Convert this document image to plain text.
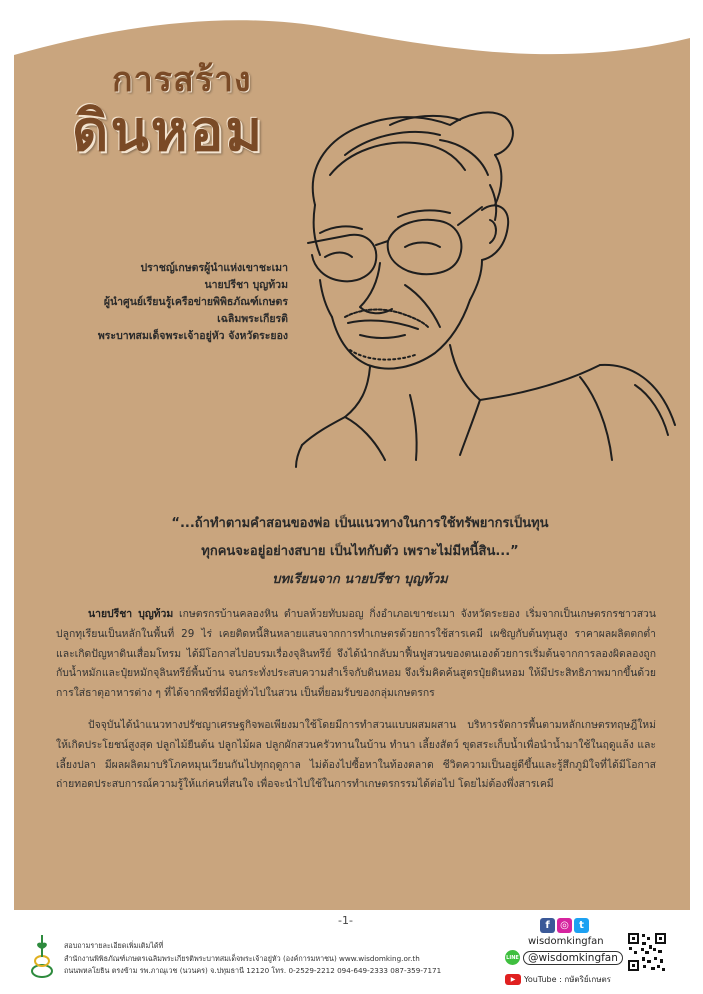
การสร้าง
ดินหอม
ปราชญ์เกษตรผู้นำแห่งเขาชะเมา
นายปรีชา บุญท้วม
ผู้นำศูนย์เรียนรู้เครือข่ายพิพิธภัณฑ์เกษตรเฉลิมพระเกียรติ
พระบาทสมเด็จพระเจ้าอยู่หัว จังหวัดระยอง
“...ถ้าทำตามคำสอนของพ่อ เป็นแนวทางในการใช้ทรัพยากรเป็นทุน
ทุกคนจะอยู่อย่างสบาย เป็นไทกับตัว เพราะไม่มีหนี้สิน...”
บทเรียนจาก นายปรีชา บุญท้วม

นายปรีชา บุญท้วม เกษตรกรบ้านคลองหิน ตำบลห้วยทับมอญ กิ่งอำเภอเขาชะเมา จังหวัดระยอง เริ่มจากเป็นเกษตรกรชาวสวนปลูกทุเรียนเป็นหลักในพื้นที่ 29 ไร่ เคยติดหนี้สินหลายแสนจากการทำเกษตรด้วยการใช้สารเคมี เผชิญกับต้นทุนสูง ราคาผลผลิตตกต่ำและเกิดปัญหาดินเสื่อมโทรม ได้มีโอกาสไปอบรมเรื่องจุลินทรีย์ จึงได้นำกลับมาฟื้นฟูสวนของตนเองด้วยการเริ่มต้นจากการลองผิดลองถูกกับน้ำหมักและปุ๋ยหมักจุลินทรีย์พื้นบ้าน จนกระทั่งประสบความสำเร็จกับดินหอม จึงเริ่มคิดค้นสูตรปุ๋ยดินหอม ให้มีประสิทธิภาพมากขึ้นด้วยการใส่ธาตุอาหารต่าง ๆ ที่ได้จากพืชที่มีอยู่ทั่วไปในสวน เป็นที่ยอมรับของกลุ่มเกษตรกร

ปัจจุบันได้นำแนวทางปรัชญาเศรษฐกิจพอเพียงมาใช้โดยมีการทำสวนแบบผสมผสาน บริหารจัดการพื้นตามหลักเกษตรทฤษฎีใหม่ให้เกิดประโยชน์สูงสุด ปลูกไม้ยืนต้น ปลูกไม้ผล ปลูกผักสวนครัวทานในบ้าน ทำนา เลี้ยงสัตว์ ขุดสระเก็บน้ำเพื่อนำน้ำมาใช้ในฤดูแล้ง และเลี้ยงปลา มีผลผลิตมาบริโภคหมุนเวียนกันไปทุกฤดูกาล ไม่ต้องไปซื้อหาในท้องตลาด ชีวิตความเป็นอยู่ดีขึ้นและรู้สึกภูมิใจที่ได้มีโอกาสถ่ายทอดประสบการณ์ความรู้ให้แก่คนที่สนใจ เพื่อจะนำไปใช้ในการทำเกษตรกรรมได้ต่อไป โดยไม่ต้องพึ่งสารเคมี

-1-
สอบถามรายละเอียดเพิ่มเติมได้ที่
สำนักงานพิพิธภัณฑ์เกษตรเฉลิมพระเกียรติพระบาทสมเด็จพระเจ้าอยู่หัว (องค์การมหาชน) www.wisdomking.or.th
ถนนพหลโยธิน ตรงข้าม รพ.ภาณุเวช (นวนคร) จ.ปทุมธานี 12120 โทร. 0-2529-2212 094-649-2333 087-359-7171
f	◎	t
wisdomkingfan
LINE @wisdomkingfan
▶	YouTube : กษัตริย์เกษตร
